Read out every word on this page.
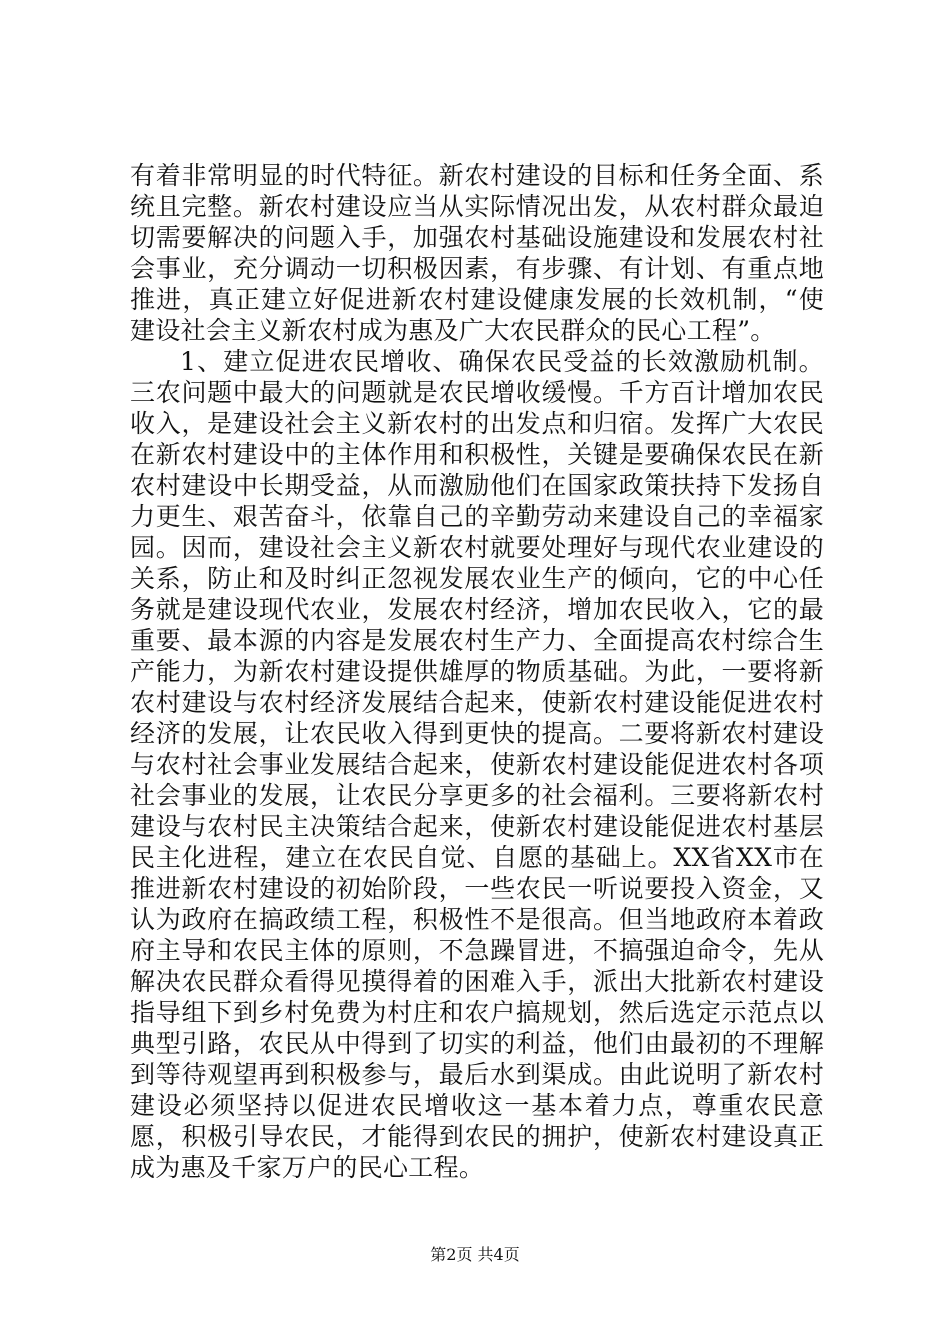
有着非常明显的时代特征。新农村建设的目标和任务全面、系统且完整。新农村建设应当从实际情况出发，从农村群众最迫切需要解决的问题入手，加强农村基础设施建设和发展农村社会事业，充分调动一切积极因素，有步骤、有计划、有重点地推进，真正建立好促进新农村建设健康发展的长效机制，“使建设社会主义新农村成为惠及广大农民群众的民心工程”。

1、建立促进农民增收、确保农民受益的长效激励机制。三农问题中最大的问题就是农民增收缓慢。千方百计增加农民收入，是建设社会主义新农村的出发点和归宿。发挥广大农民在新农村建设中的主体作用和积极性，关键是要确保农民在新农村建设中长期受益，从而激励他们在国家政策扶持下发扬自力更生、艰苦奋斗，依靠自己的辛勤劳动来建设自己的幸福家园。因而，建设社会主义新农村就要处理好与现代农业建设的关系，防止和及时纠正忽视发展农业生产的倾向，它的中心任务就是建设现代农业，发展农村经济，增加农民收入，它的最重要、最本源的内容是发展农村生产力、全面提高农村综合生产能力，为新农村建设提供雄厚的物质基础。为此，一要将新农村建设与农村经济发展结合起来，使新农村建设能促进农村经济的发展，让农民收入得到更快的提高。二要将新农村建设与农村社会事业发展结合起来，使新农村建设能促进农村各项社会事业的发展，让农民分享更多的社会福利。三要将新农村建设与农村民主决策结合起来，使新农村建设能促进农村基层民主化进程，建立在农民自觉、自愿的基础上。XX省XX市在推进新农村建设的初始阶段，一些农民一听说要投入资金，又认为政府在搞政绩工程，积极性不是很高。但当地政府本着政府主导和农民主体的原则，不急躁冒进，不搞强迫命令，先从解决农民群众看得见摸得着的困难入手，派出大批新农村建设指导组下到乡村免费为村庄和农户搞规划，然后选定示范点以典型引路，农民从中得到了切实的利益，他们由最初的不理解到等待观望再到积极参与，最后水到渠成。由此说明了新农村建设必须坚持以促进农民增收这一基本着力点，尊重农民意愿，积极引导农民，才能得到农民的拥护，使新农村建设真正成为惠及千家万户的民心工程。

第2页 共4页
